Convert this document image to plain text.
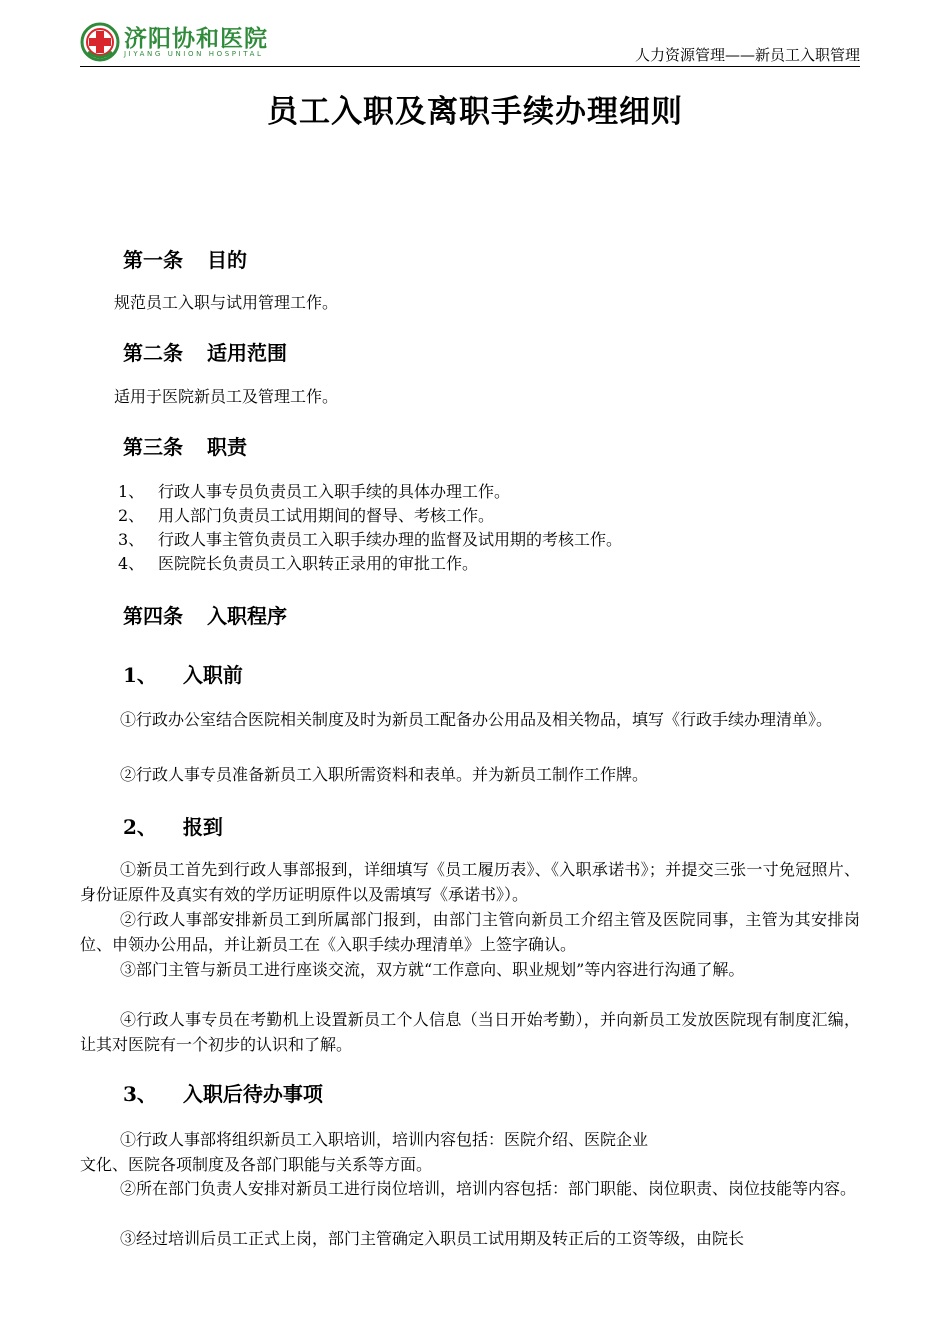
济阳协和医院
JIYANG UNION HOSPITAL	人力资源管理——新员工入职管理
员工入职及离职手续办理细则
第一条 目的
规范员工入职与试用管理工作。
第二条 适用范围
适用于医院新员工及管理工作。
第三条 职责
1、 行政人事专员负责员工入职手续的具体办理工作。
2、 用人部门负责员工试用期间的督导、考核工作。
3、 行政人事主管负责员工入职手续办理的监督及试用期的考核工作。
4、 医院院长负责员工入职转正录用的审批工作。
第四条 入职程序
1、 入职前
①行政办公室结合医院相关制度及时为新员工配备办公用品及相关物品，填写《行政手续办理清单》。
②行政人事专员准备新员工入职所需资料和表单。并为新员工制作工作牌。
2、 报到
①新员工首先到行政人事部报到，详细填写《员工履历表》、《入职承诺书》；并提交三张一寸免冠照片、身份证原件及真实有效的学历证明原件以及需填写《承诺书》）。
②行政人事部安排新员工到所属部门报到，由部门主管向新员工介绍主管及医院同事，主管为其安排岗位、申领办公用品，并让新员工在《入职手续办理清单》上签字确认。
③部门主管与新员工进行座谈交流，双方就“工作意向、职业规划”等内容进行沟通了解。
④行政人事专员在考勤机上设置新员工个人信息（当日开始考勤），并向新员工发放医院现有制度汇编，让其对医院有一个初步的认识和了解。
3、 入职后待办事项
①行政人事部将组织新员工入职培训，培训内容包括：医院介绍、医院企业
文化、医院各项制度及各部门职能与关系等方面。
②所在部门负责人安排对新员工进行岗位培训，培训内容包括：部门职能、岗位职责、岗位技能等内容。
③经过培训后员工正式上岗，部门主管确定入职员工试用期及转正后的工资等级，由院长
